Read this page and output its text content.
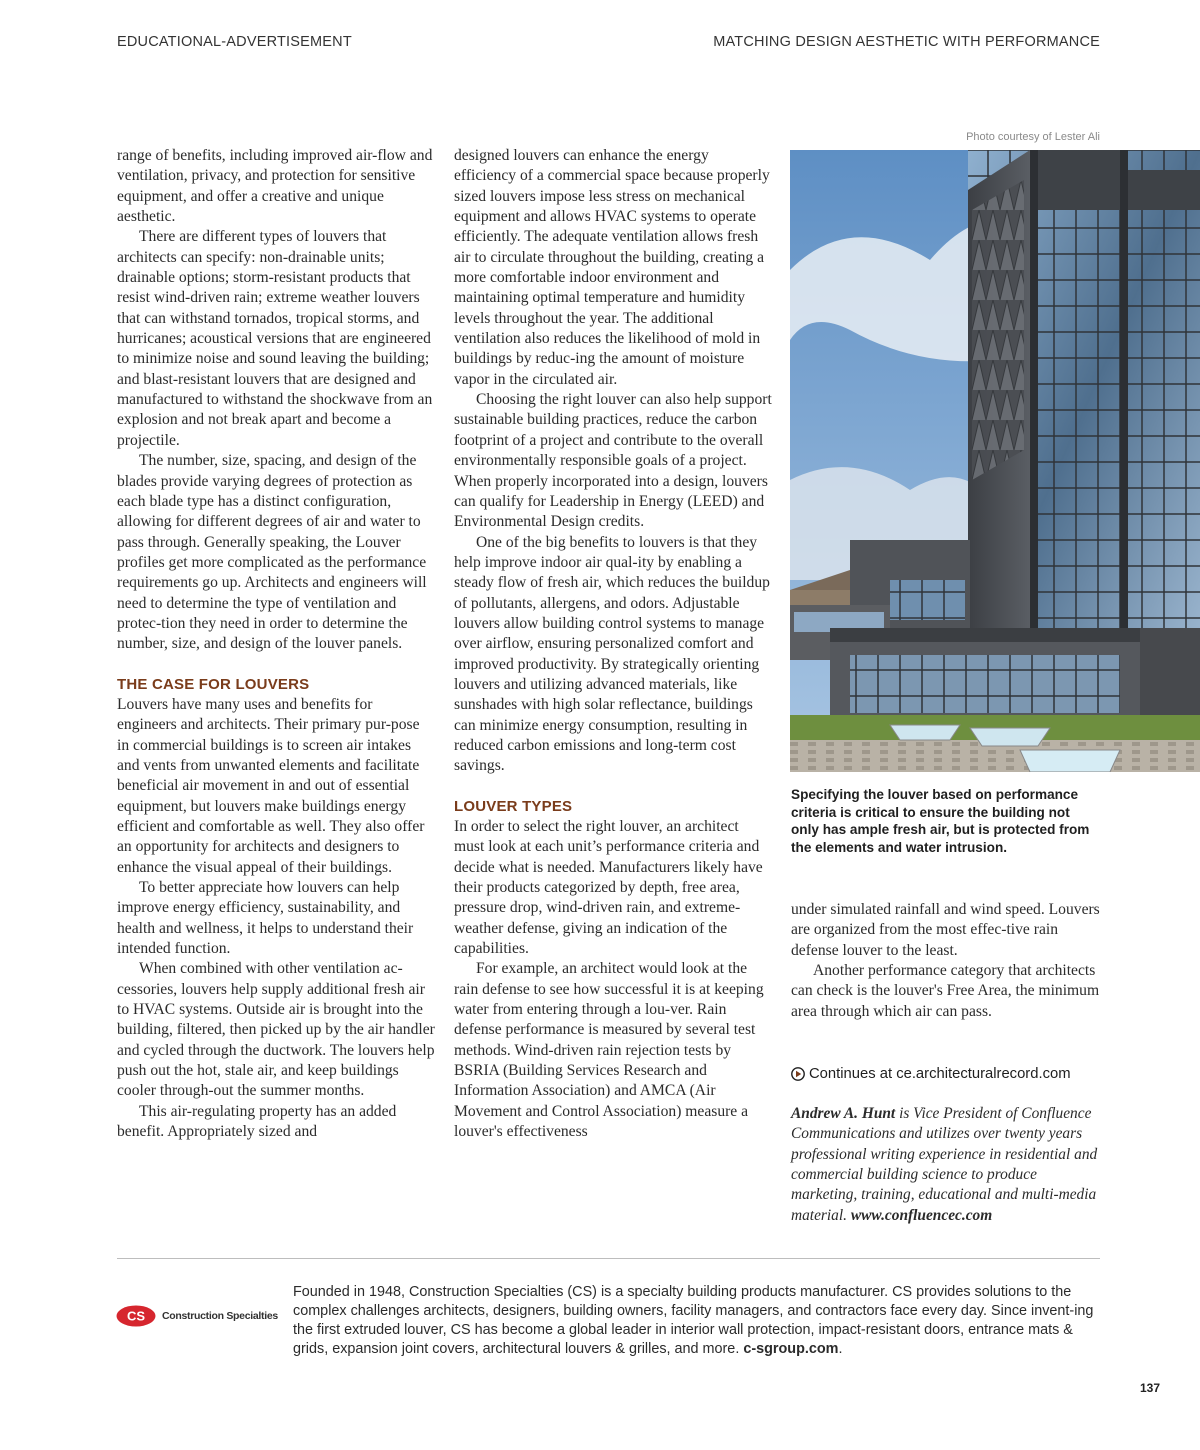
EDUCATIONAL-ADVERTISEMENT	MATCHING DESIGN AESTHETIC WITH PERFORMANCE

range of benefits, including improved air-flow and ventilation, privacy, and protection for sensitive equipment, and offer a creative and unique aesthetic.

There are different types of louvers that architects can specify: non-drainable units; drainable options; storm-resistant products that resist wind-driven rain; extreme weather louvers that can withstand tornados, tropical storms, and hurricanes; acoustical versions that are engineered to minimize noise and sound leaving the building; and blast-resistant louvers that are designed and manufactured to withstand the shockwave from an explosion and not break apart and become a projectile.

The number, size, spacing, and design of the blades provide varying degrees of protection as each blade type has a distinct configuration, allowing for different degrees of air and water to pass through. Generally speaking, the Louver profiles get more complicated as the performance requirements go up. Architects and engineers will need to determine the type of ventilation and protec-tion they need in order to determine the number, size, and design of the louver panels.

THE CASE FOR LOUVERS

Louvers have many uses and benefits for engineers and architects. Their primary pur-pose in commercial buildings is to screen air intakes and vents from unwanted elements and facilitate beneficial air movement in and out of essential equipment, but louvers make buildings energy efficient and comfortable as well. They also offer an opportunity for architects and designers to enhance the visual appeal of their buildings.

To better appreciate how louvers can help improve energy efficiency, sustainability, and health and wellness, it helps to understand their intended function.

When combined with other ventilation ac-cessories, louvers help supply additional fresh air to HVAC systems. Outside air is brought into the building, filtered, then picked up by the air handler and cycled through the ductwork. The louvers help push out the hot, stale air, and keep buildings cooler through-out the summer months.

This air-regulating property has an added benefit. Appropriately sized and

designed louvers can enhance the energy efficiency of a commercial space because properly sized louvers impose less stress on mechanical equipment and allows HVAC systems to operate efficiently. The adequate ventilation allows fresh air to circulate throughout the building, creating a more comfortable indoor environment and maintaining optimal temperature and humidity levels throughout the year. The additional ventilation also reduces the likelihood of mold in buildings by reduc-ing the amount of moisture vapor in the circulated air.

Choosing the right louver can also help support sustainable building practices, reduce the carbon footprint of a project and contribute to the overall environmentally responsible goals of a project. When properly incorporated into a design, louvers can qualify for Leadership in Energy (LEED) and Environmental Design credits.

One of the big benefits to louvers is that they help improve indoor air qual-ity by enabling a steady flow of fresh air, which reduces the buildup of pollutants, allergens, and odors. Adjustable louvers allow building control systems to manage over airflow, ensuring personalized comfort and improved productivity. By strategically orienting louvers and utilizing advanced materials, like sunshades with high solar reflectance, buildings can minimize energy consumption, resulting in reduced carbon emissions and long-term cost savings.

LOUVER TYPES

In order to select the right louver, an architect must look at each unit’s performance criteria and decide what is needed. Manufacturers likely have their products categorized by depth, free area, pressure drop, wind-driven rain, and extreme-weather defense, giving an indication of the capabilities.

For example, an architect would look at the rain defense to see how successful it is at keeping water from entering through a lou-ver. Rain defense performance is measured by several test methods. Wind-driven rain rejection tests by BSRIA (Building Services Research and Information Association) and AMCA (Air Movement and Control Association) measure a louver's effectiveness

Photo courtesy of Lester Ali
Specifying the louver based on performance criteria is critical to ensure the building not only has ample fresh air, but is protected from the elements and water intrusion.

under simulated rainfall and wind speed. Louvers are organized from the most effec-tive rain defense louver to the least.

Another performance category that architects can check is the louver's Free Area, the minimum area through which air can pass.

Continues at ce.architecturalrecord.com
Andrew A. Hunt is Vice President of Confluence Communications and utilizes over twenty years professional writing experience in residential and commercial building science to produce marketing, training, educational and multi-media material. www.confluencec.com
CS Construction Specialties
Founded in 1948, Construction Specialties (CS) is a specialty building products manufacturer. CS provides solutions to the complex challenges architects, designers, building owners, facility managers, and contractors face every day. Since invent-ing the first extruded louver, CS has become a global leader in interior wall protection, impact-resistant doors, entrance mats & grids, expansion joint covers, architectural louvers & grilles, and more. c-sgroup.com.
137
